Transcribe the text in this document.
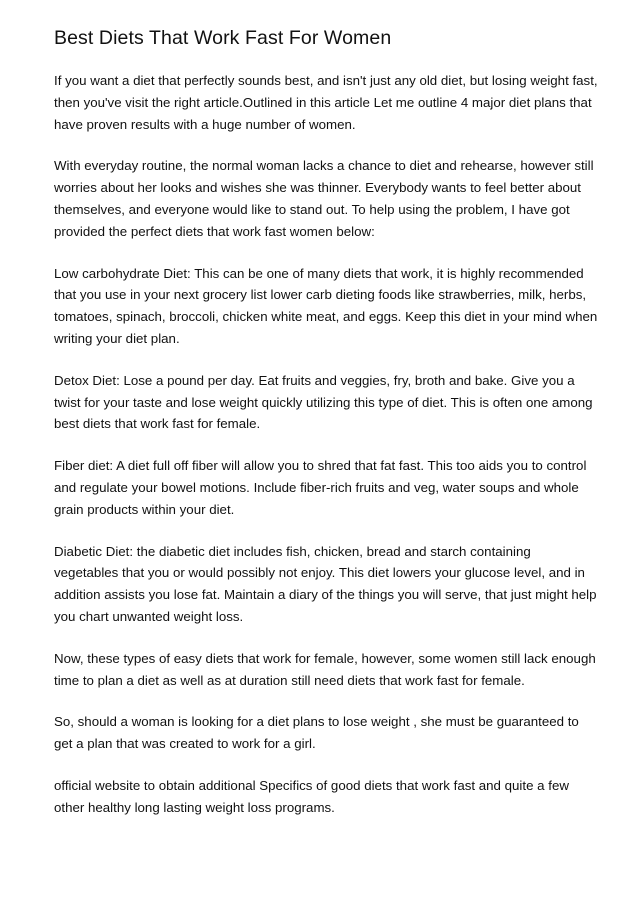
Best Diets That Work Fast For Women

If you want a diet that perfectly sounds best, and isn't just any old diet, but losing weight fast, then you've visit the right article.Outlined in this article Let me outline 4 major diet plans that have proven results with a huge number of women.

With everyday routine, the normal woman lacks a chance to diet and rehearse, however still worries about her looks and wishes she was thinner. Everybody wants to feel better about themselves, and everyone would like to stand out. To help using the problem, I have got provided the perfect diets that work fast women below:

Low carbohydrate Diet: This can be one of many diets that work, it is highly recommended that you use in your next grocery list lower carb dieting foods like strawberries, milk, herbs, tomatoes, spinach, broccoli, chicken white meat, and eggs. Keep this diet in your mind when writing your diet plan.

Detox Diet: Lose a pound per day. Eat fruits and veggies, fry, broth and bake. Give you a twist for your taste and lose weight quickly utilizing this type of diet. This is often one among best diets that work fast for female.

Fiber diet: A diet full off fiber will allow you to shred that fat fast. This too aids you to control and regulate your bowel motions. Include fiber-rich fruits and veg, water soups and whole grain products within your diet.

Diabetic Diet: the diabetic diet includes fish, chicken, bread and starch containing vegetables that you or would possibly not enjoy. This diet lowers your glucose level, and in addition assists you lose fat. Maintain a diary of the things you will serve, that just might help you chart unwanted weight loss.

Now, these types of easy diets that work for female, however, some women still lack enough time to plan a diet as well as at duration still need diets that work fast for female.

So, should a woman is looking for a diet plans to lose weight , she must be guaranteed to get a plan that was created to work for a girl.

official website to obtain additional Specifics of good diets that work fast and quite a few other healthy long lasting weight loss programs.
